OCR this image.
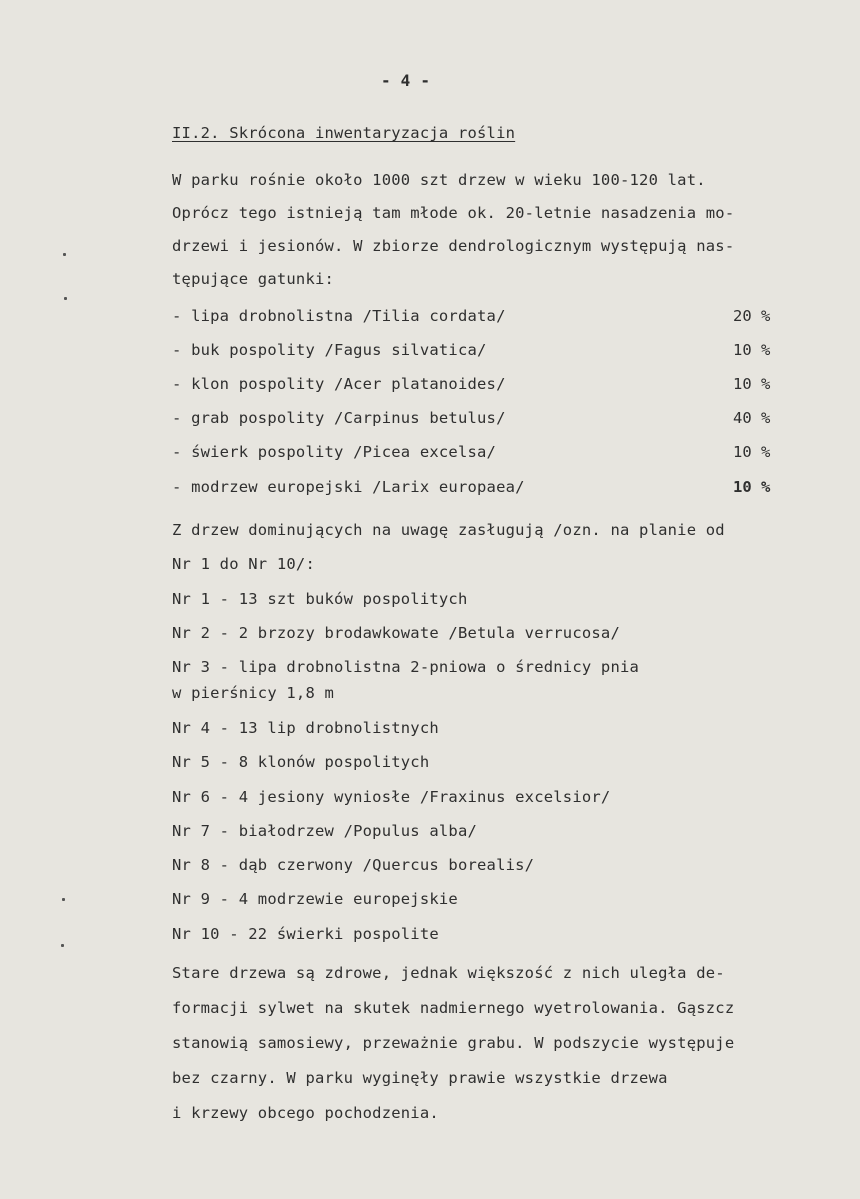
- 4 -
II.2. Skrócona inwentaryzacja roślin
W parku rośnie około 1000 szt drzew w wieku 100-120 lat.
Oprócz tego istnieją tam młode ok. 20-letnie nasadzenia mo-
drzewi i jesionów. W zbiorze dendrologicznym występują nas-
tępujące gatunki:
- lipa drobnolistna /Tilia cordata/	20 %
- buk pospolity /Fagus silvatica/	10 %
- klon pospolity /Acer platanoides/	10 %
- grab pospolity /Carpinus betulus/	40 %
- świerk pospolity /Picea excelsa/	10 %
- modrzew europejski /Larix europaea/	10 %
Z drzew dominujących na uwagę zasługują /ozn. na planie od
Nr 1 do Nr 10/:
Nr 1 - 13 szt buków pospolitych
Nr 2 - 2 brzozy brodawkowate /Betula verrucosa/
Nr 3 - lipa drobnolistna 2-pniowa o średnicy pnia
w pierśnicy 1,8 m
Nr 4 - 13 lip drobnolistnych
Nr 5 - 8 klonów pospolitych
Nr 6 - 4 jesiony wyniosłe /Fraxinus excelsior/
Nr 7 - białodrzew /Populus alba/
Nr 8 - dąb czerwony /Quercus borealis/
Nr 9 - 4 modrzewie europejskie
Nr 10 - 22 świerki pospolite
Stare drzewa są zdrowe, jednak większość z nich uległa de-
formacji sylwet na skutek nadmiernego wyetrolowania. Gąszcz
stanowią samosiewy, przeważnie grabu. W podszycie występuje
bez czarny. W parku wyginęły prawie wszystkie drzewa
i krzewy obcego pochodzenia.
